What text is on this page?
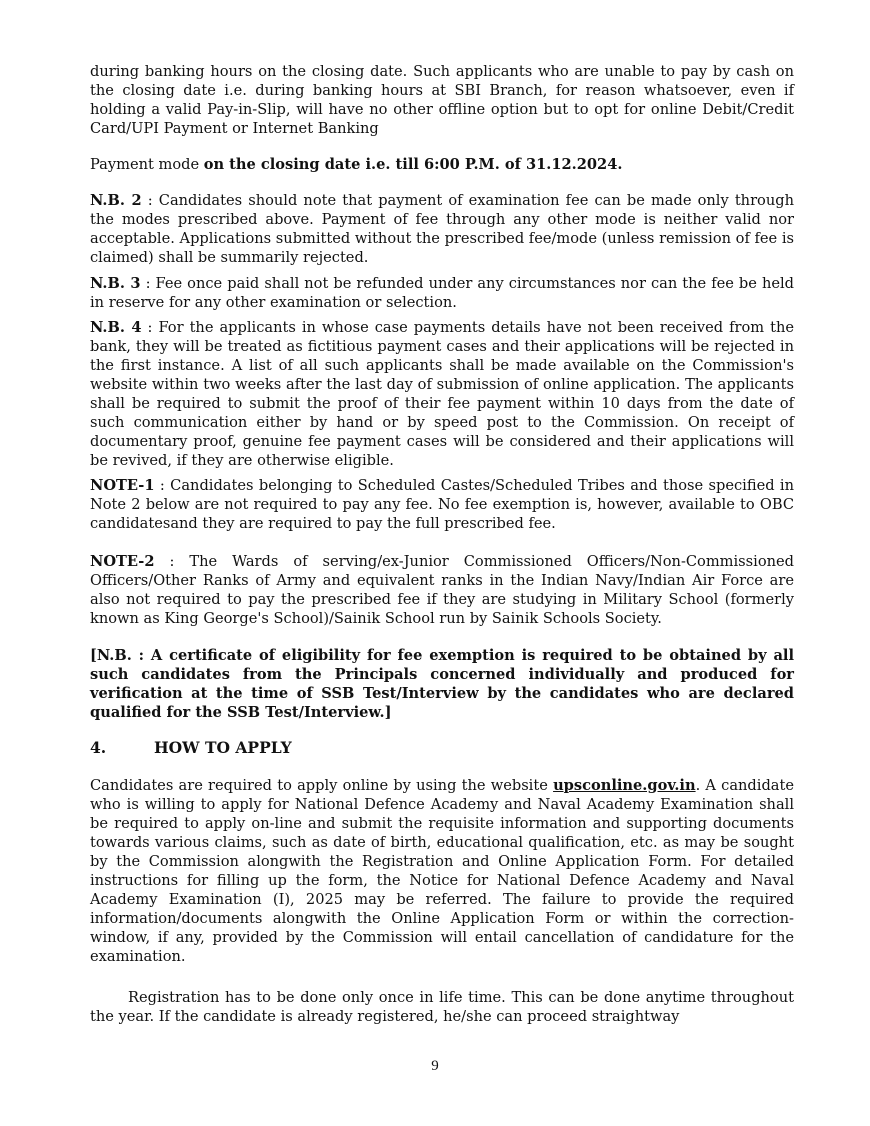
during banking hours on the closing date. Such applicants who are unable to pay by cash on the closing date i.e. during banking hours at SBI Branch, for reason whatsoever, even if holding a valid Pay-in-Slip, will have no other offline option but to opt for online Debit/Credit Card/UPI Payment or Internet Banking

Payment mode on the closing date i.e. till 6:00 P.M. of 31.12.2024.

N.B. 2 : Candidates should note that payment of examination fee can be made only through the modes prescribed above. Payment of fee through any other mode is neither valid nor acceptable. Applications submitted without the prescribed fee/mode (unless remission of fee is claimed) shall be summarily rejected.

N.B. 3 : Fee once paid shall not be refunded under any circumstances nor can the fee be held in reserve for any other examination or selection.

N.B. 4 : For the applicants in whose case payments details have not been received from the bank, they will be treated as fictitious payment cases and their applications will be rejected in the first instance. A list of all such applicants shall be made available on the Commission's website within two weeks after the last day of submission of online application. The applicants shall be required to submit the proof of their fee payment within 10 days from the date of such communication either by hand or by speed post to the Commission. On receipt of documentary proof, genuine fee payment cases will be considered and their applications will be revived, if they are otherwise eligible.

NOTE-1 : Candidates belonging to Scheduled Castes/Scheduled Tribes and those specified in Note 2 below are not required to pay any fee. No fee exemption is, however, available to OBC candidatesand they are required to pay the full prescribed fee.

NOTE-2 : The Wards of serving/ex-Junior Commissioned Officers/Non-Commissioned Officers/Other Ranks of Army and equivalent ranks in the Indian Navy/Indian Air Force are also not required to pay the prescribed fee if they are studying in Military School (formerly known as King George's School)/Sainik School run by Sainik Schools Society.

[N.B. : A certificate of eligibility for fee exemption is required to be obtained by all such candidates from the Principals concerned individually and produced for verification at the time of SSB Test/Interview by the candidates who are declared qualified for the SSB Test/Interview.]

4.	HOW TO APPLY

Candidates are required to apply online by using the website upsconline.gov.in. A candidate who is willing to apply for National Defence Academy and Naval Academy Examination shall be required to apply on-line and submit the requisite information and supporting documents towards various claims, such as date of birth, educational qualification, etc. as may be sought by the Commission alongwith the Registration and Online Application Form. For detailed instructions for filling up the form, the Notice for National Defence Academy and Naval Academy Examination (I), 2025 may be referred. The failure to provide the required information/documents alongwith the Online Application Form or within the correction-window, if any, provided by the Commission will entail cancellation of candidature for the examination.

Registration has to be done only once in life time. This can be done anytime throughout the year. If the candidate is already registered, he/she can proceed straightway

9
